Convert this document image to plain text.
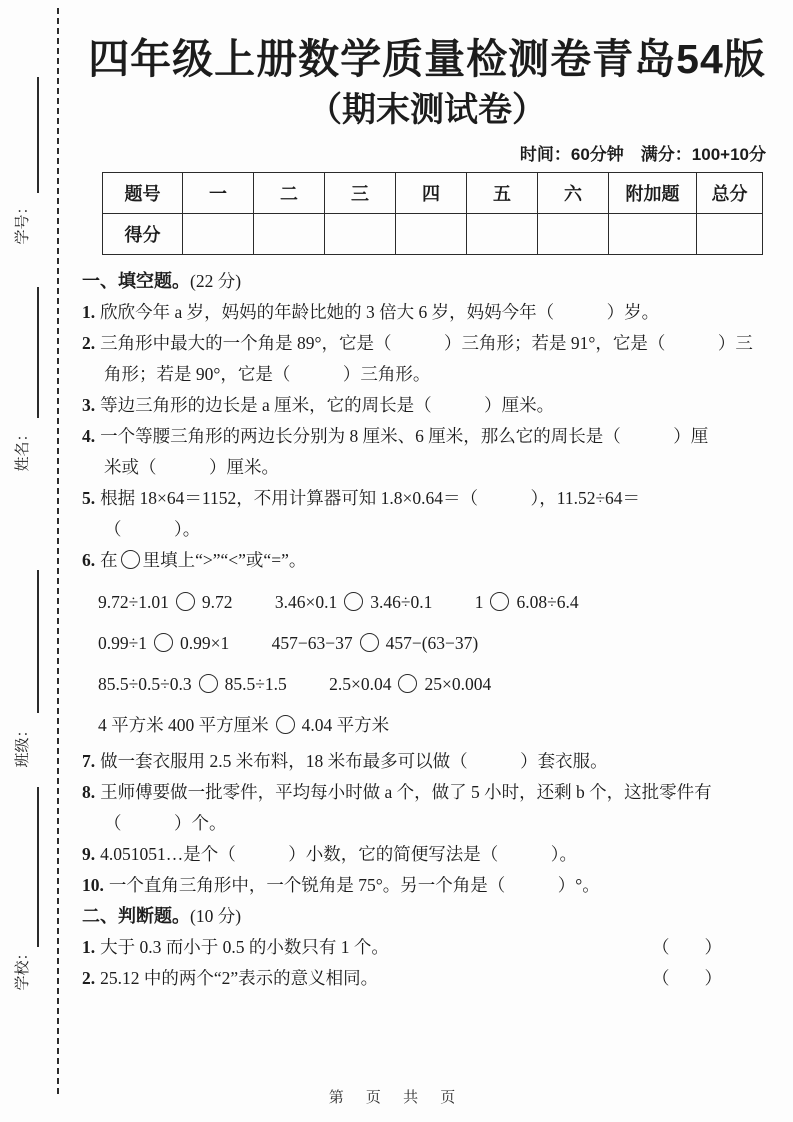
学号：
姓名：
班级：
学校：
四年级上册数学质量检测卷青岛54版
（期末测试卷）
时间：60分钟　满分：100+10分
题号	一	二	三	四	五	六	附加题	总分
得分								
一、填空题。(22 分)
1. 欣欣今年 a 岁，妈妈的年龄比她的 3 倍大 6 岁，妈妈今年（　　　）岁。
2. 三角形中最大的一个角是 89°，它是（　　　）三角形；若是 91°，它是（　　　）三
角形；若是 90°，它是（　　　）三角形。
3. 等边三角形的边长是 a 厘米，它的周长是（　　　）厘米。
4. 一个等腰三角形的两边长分别为 8 厘米、6 厘米，那么它的周长是（　　　）厘
米或（　　　）厘米。
5. 根据 18×64＝1152，不用计算器可知 1.8×0.64＝（　　　），11.52÷64＝
（　　　）。
6. 在 里填上“>”“<”或“=”。
9.72÷1.01 9.72 3.46×0.1 3.46÷0.1 1 6.08÷6.4
0.99÷1 0.99×1 457−63−37 457−(63−37)
85.5÷0.5÷0.3 85.5÷1.5 2.5×0.04 25×0.004
4 平方米 400 平方厘米 4.04 平方米
7. 做一套衣服用 2.5 米布料，18 米布最多可以做（　　　）套衣服。
8. 王师傅要做一批零件，平均每小时做 a 个，做了 5 小时，还剩 b 个，这批零件有
（　　　）个。
9. 4.051051…是个（　　　）小数，它的简便写法是（　　　）。
10. 一个直角三角形中，一个锐角是 75°。另一个角是（　　　）°。
二、判断题。(10 分)
1. 大于 0.3 而小于 0.5 的小数只有 1 个。	（　　）
2. 25.12 中的两个“2”表示的意义相同。	（　　）
第 页 共 页
